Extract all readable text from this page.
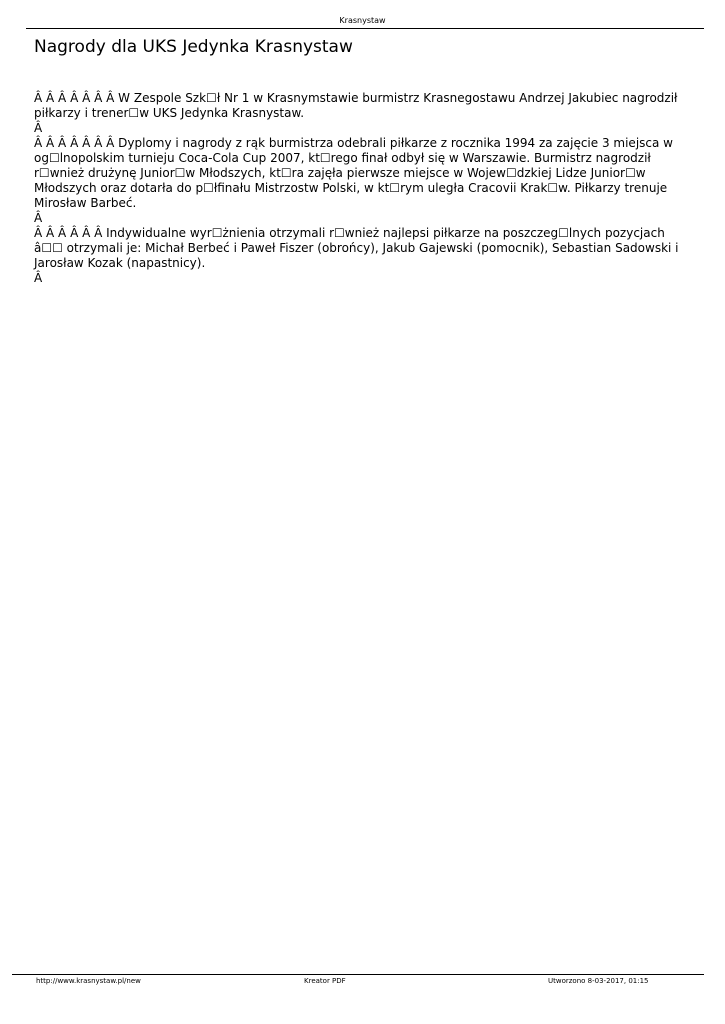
Krasnystaw
Nagrody dla UKS Jedynka Krasnystaw

Â Â Â Â Â Â Â W Zespole Szk☐ł Nr 1 w Krasnymstawie burmistrz Krasnegostawu Andrzej Jakubiec nagrodził piłkarzy i trener☐w UKS Jedynka Krasnystaw.

Â

Â Â Â Â Â Â Â Dyplomy i nagrody z rąk burmistrza odebrali piłkarze z rocznika 1994 za zajęcie 3 miejsca w og☐lnopolskim turnieju Coca-Cola Cup 2007, kt☐rego finał odbył się w Warszawie. Burmistrz nagrodził r☐wnież drużynę Junior☐w Młodszych, kt☐ra zajęła pierwsze miejsce w Wojew☐dzkiej Lidze Junior☐w Młodszych oraz dotarła do p☐łfinału Mistrzostw Polski, w kt☐rym uległa Cracovii Krak☐w. Piłkarzy trenuje Mirosław Barbeć.

Â

Â Â Â Â Â Â Indywidualne wyr☐żnienia otrzymali r☐wnież najlepsi piłkarze na poszczeg☐lnych pozycjach â☐☐ otrzymali je: Michał Berbeć i Paweł Fiszer (obrońcy), Jakub Gajewski (pomocnik), Sebastian Sadowski i Jarosław Kozak (napastnicy).

Â

http://www.krasnystaw.pl/new	Kreator PDF	Utworzono 8-03-2017, 01:15
